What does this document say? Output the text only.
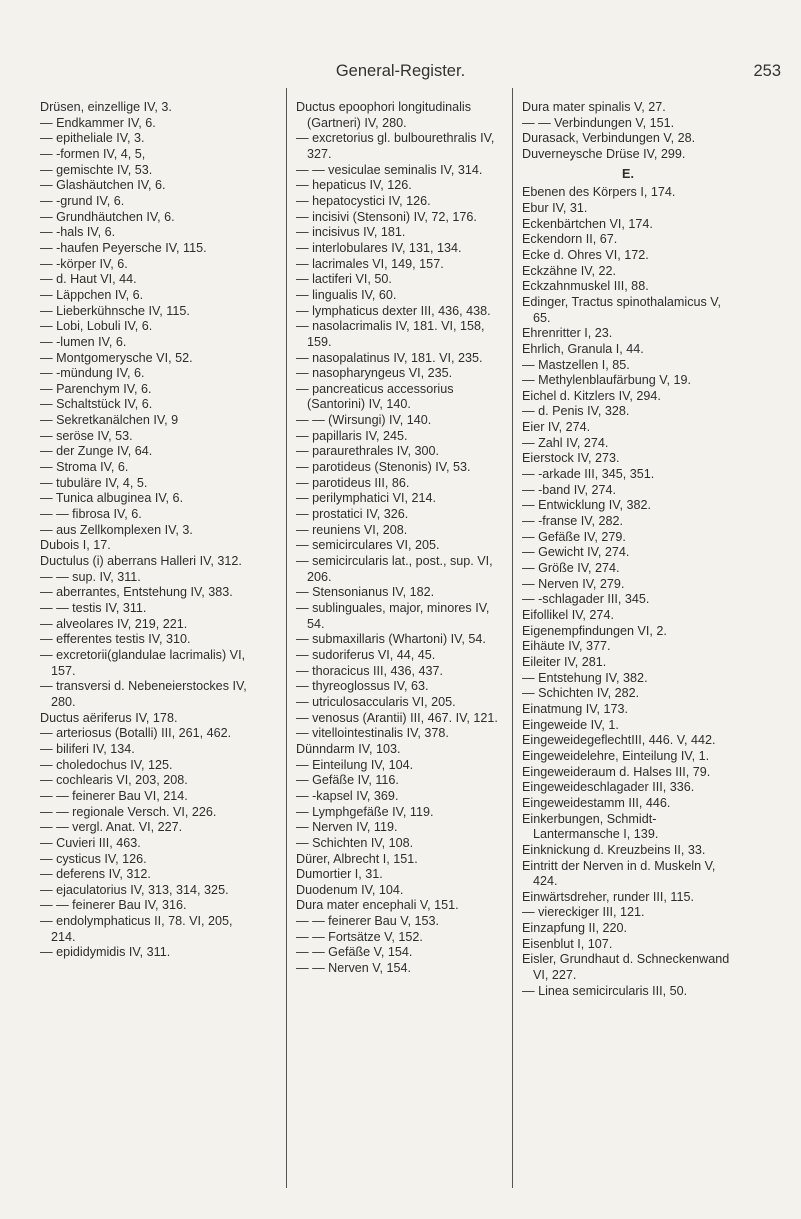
General-Register.	253
Drüsen, einzellige IV, 3.
— Endkammer IV, 6.
— epitheliale IV, 3.
— -formen IV, 4, 5,
— gemischte IV, 53.
— Glashäutchen IV, 6.
— -grund IV, 6.
— Grundhäutchen IV, 6.
— -hals IV, 6.
— -haufen Peyersche IV, 115.
— -körper IV, 6.
— d. Haut VI, 44.
— Läppchen IV, 6.
— Lieberkühnsche IV, 115.
— Lobi, Lobuli IV, 6.
— -lumen IV, 6.
— Montgomerysche VI, 52.
— -mündung IV, 6.
— Parenchym IV, 6.
— Schaltstück IV, 6.
— Sekretkanälchen IV, 9
— seröse IV, 53.
— der Zunge IV, 64.
— Stroma IV, 6.
— tubuläre IV, 4, 5.
— Tunica albuginea IV, 6.
— — fibrosa IV, 6.
— aus Zellkomplexen IV, 3.
Dubois I, 17.
Ductulus (i) aberrans Halleri IV, 312.
— — sup. IV, 311.
— aberrantes, Entstehung IV, 383.
— — testis IV, 311.
— alveolares IV, 219, 221.
— efferentes testis IV, 310.
— excretorii(glandulae lacrimalis) VI, 157.
— transversi d. Nebeneierstockes IV, 280.
Ductus aëriferus IV, 178.
— arteriosus (Botalli) III, 261, 462.
— biliferi IV, 134.
— choledochus IV, 125.
— cochlearis VI, 203, 208.
— — feinerer Bau VI, 214.
— — regionale Versch. VI, 226.
— — vergl. Anat. VI, 227.
— Cuvieri III, 463.
— cysticus IV, 126.
— deferens IV, 312.
— ejaculatorius IV, 313, 314, 325.
— — feinerer Bau IV, 316.
— endolymphaticus II, 78. VI, 205, 214.
— epididymidis IV, 311.
Ductus epoophori longitudinalis (Gartneri) IV, 280.
— excretorius gl. bulbourethralis IV, 327.
— — vesiculae seminalis IV, 314.
— hepaticus IV, 126.
— hepatocystici IV, 126.
— incisivi (Stensoni) IV, 72, 176.
— incisivus IV, 181.
— interlobulares IV, 131, 134.
— lacrimales VI, 149, 157.
— lactiferi VI, 50.
— lingualis IV, 60.
— lymphaticus dexter III, 436, 438.
— nasolacrimalis IV, 181. VI, 158, 159.
— nasopalatinus IV, 181. VI, 235.
— nasopharyngeus VI, 235.
— pancreaticus accessorius (Santorini) IV, 140.
— — (Wirsungi) IV, 140.
— papillaris IV, 245.
— paraurethrales IV, 300.
— parotideus (Stenonis) IV, 53.
— parotideus III, 86.
— perilymphatici VI, 214.
— prostatici IV, 326.
— reuniens VI, 208.
— semicirculares VI, 205.
— semicircularis lat., post., sup. VI, 206.
— Stensonianus IV, 182.
— sublinguales, major, minores IV, 54.
— submaxillaris (Whartoni) IV, 54.
— sudoriferus VI, 44, 45.
— thoracicus III, 436, 437.
— thyreoglossus IV, 63.
— utriculosaccularis VI, 205.
— venosus (Arantii) III, 467. IV, 121.
— vitellointestinalis IV, 378.
Dünndarm IV, 103.
— Einteilung IV, 104.
— Gefäße IV, 116.
— -kapsel IV, 369.
— Lymphgefäße IV, 119.
— Nerven IV, 119.
— Schichten IV, 108.
Dürer, Albrecht I, 151.
Dumortier I, 31.
Duodenum IV, 104.
Dura mater encephali V, 151.
— — feinerer Bau V, 153.
— — Fortsätze V, 152.
— — Gefäße V, 154.
— — Nerven V, 154.
Dura mater spinalis V, 27.
— — Verbindungen V, 151.
Durasack, Verbindungen V, 28.
Duverneysche Drüse IV, 299.
E.
Ebenen des Körpers I, 174.
Ebur IV, 31.
Eckenbärtchen VI, 174.
Eckendorn II, 67.
Ecke d. Ohres VI, 172.
Eckzähne IV, 22.
Eckzahnmuskel III, 88.
Edinger, Tractus spinothalamicus V, 65.
Ehrenritter I, 23.
Ehrlich, Granula I, 44.
— Mastzellen I, 85.
— Methylenblaufärbung V, 19.
Eichel d. Kitzlers IV, 294.
— d. Penis IV, 328.
Eier IV, 274.
— Zahl IV, 274.
Eierstock IV, 273.
— -arkade III, 345, 351.
— -band IV, 274.
— Entwicklung IV, 382.
— -franse IV, 282.
— Gefäße IV, 279.
— Gewicht IV, 274.
— Größe IV, 274.
— Nerven IV, 279.
— -schlagader III, 345.
Eifollikel IV, 274.
Eigenempfindungen VI, 2.
Eihäute IV, 377.
Eileiter IV, 281.
— Entstehung IV, 382.
— Schichten IV, 282.
Einatmung IV, 173.
Eingeweide IV, 1.
EingeweidegeflechtIII, 446. V, 442.
Eingeweidelehre, Einteilung IV, 1.
Eingeweideraum d. Halses III, 79.
Eingeweideschlagader III, 336.
Eingeweidestamm III, 446.
Einkerbungen, Schmidt-Lantermansche I, 139.
Einknickung d. Kreuzbeins II, 33.
Eintritt der Nerven in d. Muskeln V, 424.
Einwärtsdreher, runder III, 115.
— viereckiger III, 121.
Einzapfung II, 220.
Eisenblut I, 107.
Eisler, Grundhaut d. Schneckenwand VI, 227.
— Linea semicircularis III, 50.
